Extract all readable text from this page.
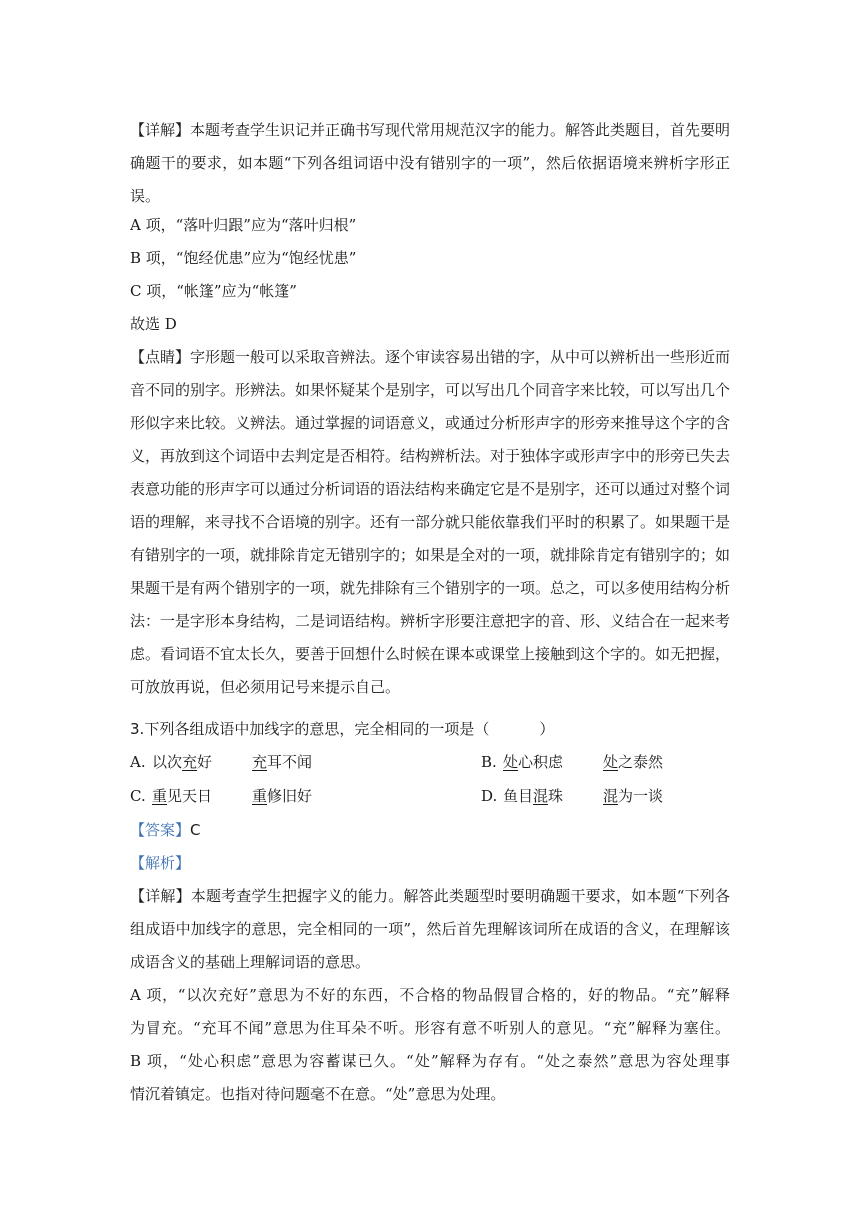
【详解】本题考查学生识记并正确书写现代常用规范汉字的能力。解答此类题目，首先要明

确题干的要求，如本题“下列各组词语中没有错别字的一项”，然后依据语境来辨析字形正

误。

A 项，“落叶归跟”应为“落叶归根”

B 项，“饱经优患”应为“饱经忧患”

C 项，“帐篷”应为“帐篷”

故选 D

【点睛】字形题一般可以采取音辨法。逐个审读容易出错的字，从中可以辨析出一些形近而

音不同的别字。形辨法。如果怀疑某个是别字，可以写出几个同音字来比较，可以写出几个

形似字来比较。义辨法。通过掌握的词语意义，或通过分析形声字的形旁来推导这个字的含

义，再放到这个词语中去判定是否相符。结构辨析法。对于独体字或形声字中的形旁已失去

表意功能的形声字可以通过分析词语的语法结构来确定它是不是别字，还可以通过对整个词

语的理解，来寻找不合语境的别字。还有一部分就只能依靠我们平时的积累了。如果题干是

有错别字的一项，就排除肯定无错别字的；如果是全对的一项，就排除肯定有错别字的；如

果题干是有两个错别字的一项，就先排除有三个错别字的一项。总之，可以多使用结构分析

法：一是字形本身结构，二是词语结构。辨析字形要注意把字的音、形、义结合在一起来考

虑。看词语不宜太长久，要善于回想什么时候在课本或课堂上接触到这个字的。如无把握，

可放放再说，但必须用记号来提示自己。

3.下列各组成语中加线字的意思，完全相同的一项是（	）

A. 以次充好	充耳不闻	B. 处心积虑	处之泰然
C. 重见天日	重修旧好	D. 鱼目混珠	混为一谈

【答案】C

【解析】

【详解】本题考查学生把握字义的能力。解答此类题型时要明确题干要求，如本题“下列各

组成语中加线字的意思，完全相同的一项”，然后首先理解该词所在成语的含义，在理解该

成语含义的基础上理解词语的意思。

A 项，“以次充好”意思为不好的东西，不合格的物品假冒合格的，好的物品。“充”解释

为冒充。“充耳不闻”意思为住耳朵不听。形容有意不听别人的意见。“充”解释为塞住。

B 项，“处心积虑”意思为容蓄谋已久。“处”解释为存有。“处之泰然”意思为容处理事

情沉着镇定。也指对待问题毫不在意。“处”意思为处理。
